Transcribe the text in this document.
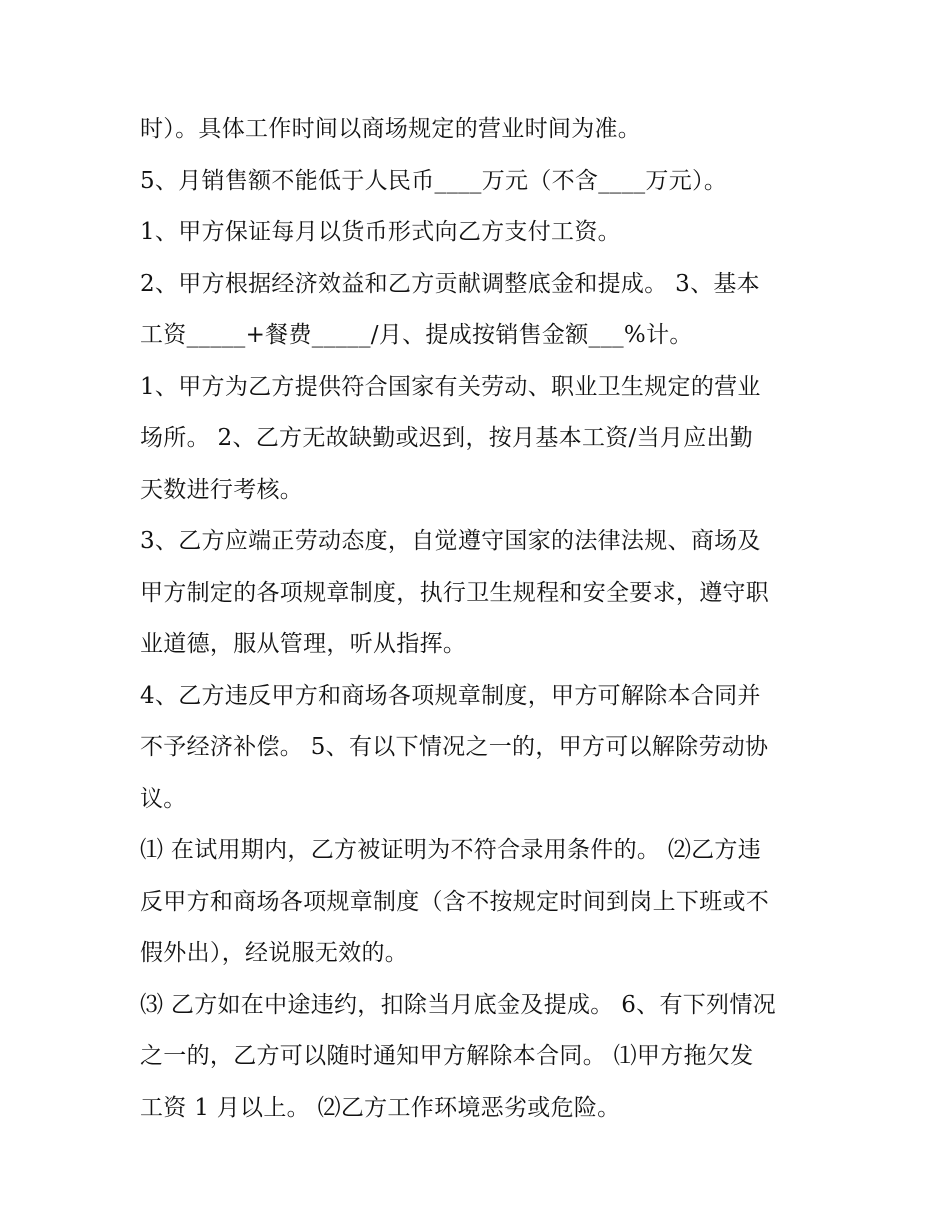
时）。具体工作时间以商场规定的营业时间为准。
5、月销售额不能低于人民币____万元（不含____万元）。
1、甲方保证每月以货币形式向乙方支付工资。
2、甲方根据经济效益和乙方贡献调整底金和提成。 3、基本
工资_____+餐费_____/月、提成按销售金额___%计。
1、甲方为乙方提供符合国家有关劳动、职业卫生规定的营业
场所。 2、乙方无故缺勤或迟到，按月基本工资/当月应出勤
天数进行考核。
3、乙方应端正劳动态度，自觉遵守国家的法律法规、商场及
甲方制定的各项规章制度，执行卫生规程和安全要求，遵守职
业道德，服从管理，听从指挥。
4、乙方违反甲方和商场各项规章制度，甲方可解除本合同并
不予经济补偿。 5、有以下情况之一的，甲方可以解除劳动协
议。
⑴ 在试用期内，乙方被证明为不符合录用条件的。 ⑵乙方违
反甲方和商场各项规章制度（含不按规定时间到岗上下班或不
假外出），经说服无效的。
⑶ 乙方如在中途违约，扣除当月底金及提成。 6、有下列情况
之一的，乙方可以随时通知甲方解除本合同。 ⑴甲方拖欠发
工资 1 月以上。 ⑵乙方工作环境恶劣或危险。
